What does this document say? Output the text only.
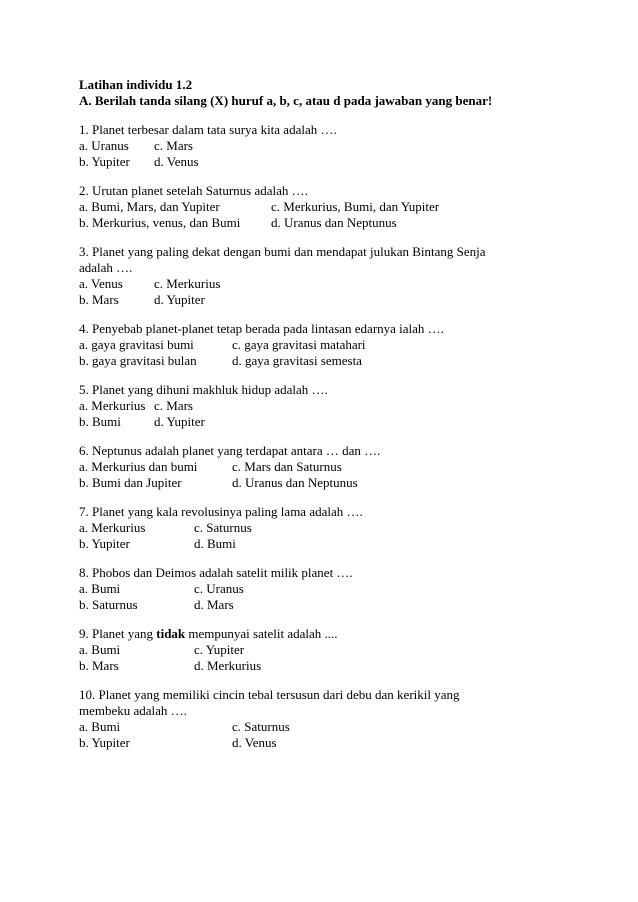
Latihan individu 1.2
A. Berilah tanda silang (X) huruf a, b, c, atau d pada jawaban yang benar!
1. Planet terbesar dalam tata surya kita adalah ….
a. Uranus	c. Mars
b. Yupiter	d. Venus
2. Urutan planet setelah Saturnus adalah ….
a. Bumi, Mars, dan Yupiter	c. Merkurius, Bumi, dan Yupiter
b. Merkurius, venus, dan Bumi	d. Uranus dan Neptunus
3. Planet yang paling dekat dengan bumi dan mendapat julukan Bintang Senja
adalah ….
a. Venus	c. Merkurius
b. Mars	d. Yupiter
4. Penyebab planet-planet tetap berada pada lintasan edarnya ialah ….
a. gaya gravitasi bumi	c. gaya gravitasi matahari
b. gaya gravitasi bulan	d. gaya gravitasi semesta
5. Planet yang dihuni makhluk hidup adalah ….
a. Merkurius c. Mars
b. Bumi	d. Yupiter
6. Neptunus adalah planet yang terdapat antara … dan ….
a. Merkurius dan bumi	c. Mars dan Saturnus
b. Bumi dan Jupiter	d. Uranus dan Neptunus
7. Planet yang kala revolusinya paling lama adalah ….
a. Merkurius	c. Saturnus
b. Yupiter	d. Bumi
8. Phobos dan Deimos adalah satelit milik planet ….
a. Bumi	c. Uranus
b. Saturnus	d. Mars
9. Planet yang tidak mempunyai satelit adalah ....
a. Bumi	c. Yupiter
b. Mars	d. Merkurius
10. Planet yang memiliki cincin tebal tersusun dari debu dan kerikil yang
membeku adalah ….
a. Bumi	c. Saturnus
b. Yupiter	d. Venus
